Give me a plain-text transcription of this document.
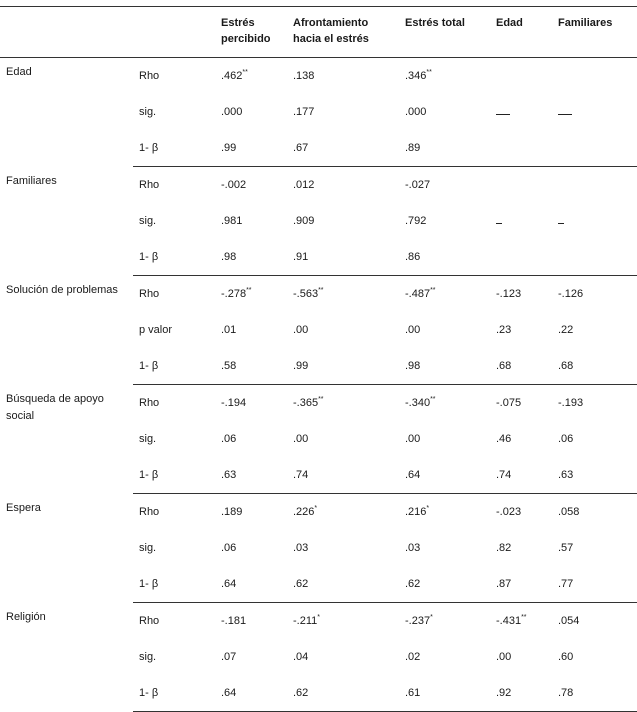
		Estrés percibido	Afrontamiento hacia el estrés	Estrés total	Edad	Familiares
Edad	Rho	.462**	.138	.346**		
	sig.	.000	.177	.000		
	1- β	.99	.67	.89		
Familiares	Rho	-.002	.012	-.027		
	sig.	.981	.909	.792		
	1- β	.98	.91	.86		
Solución de problemas	Rho	-.278**	-.563**	-.487**	-.123	-.126
	p valor	.01	.00	.00	.23	.22
	1- β	.58	.99	.98	.68	.68
Búsqueda de apoyo social	Rho	-.194	-.365**	-.340**	-.075	-.193
	sig.	.06	.00	.00	.46	.06
	1- β	.63	.74	.64	.74	.63
Espera	Rho	.189	.226*	.216*	-.023	.058
	sig.	.06	.03	.03	.82	.57
	1- β	.64	.62	.62	.87	.77
Religión	Rho	-.181	-.211*	-.237*	-.431**	.054
	sig.	.07	.04	.02	.00	.60
	1- β	.64	.62	.61	.92	.78
